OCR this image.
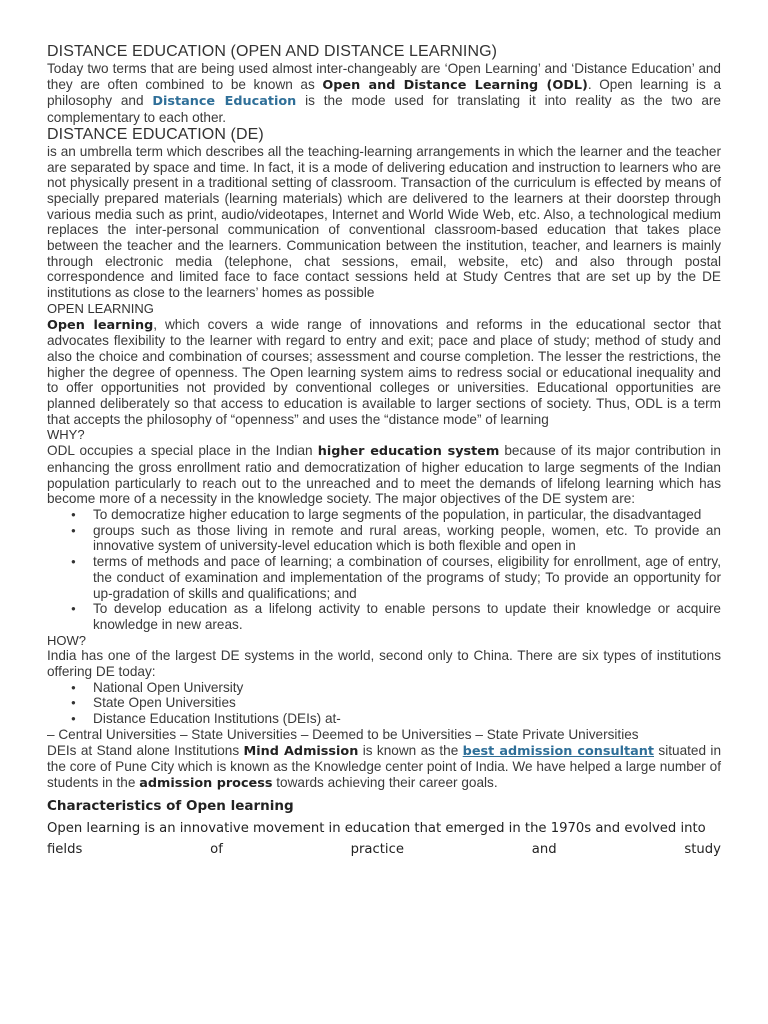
DISTANCE EDUCATION (OPEN AND DISTANCE LEARNING)

Today two terms that are being used almost inter-changeably are ‘Open Learning’ and ‘Distance Education’ and they are often combined to be known as Open and Distance Learning (ODL). Open learning is a philosophy and Distance Education is the mode used for translating it into reality as the two are complementary to each other.

DISTANCE EDUCATION (DE)

is an umbrella term which describes all the teaching-learning arrangements in which the learner and the teacher are separated by space and time. In fact, it is a mode of delivering education and instruction to learners who are not physically present in a traditional setting of classroom. Transaction of the curriculum is effected by means of specially prepared materials (learning materials) which are delivered to the learners at their doorstep through various media such as print, audio/videotapes, Internet and World Wide Web, etc. Also, a technological medium replaces the inter-personal communication of conventional classroom-based education that takes place between the teacher and the learners. Communication between the institution, teacher, and learners is mainly through electronic media (telephone, chat sessions, email, website, etc) and also through postal correspondence and limited face to face contact sessions held at Study Centres that are set up by the DE institutions as close to the learners’ homes as possible

OPEN LEARNING

Open learning, which covers a wide range of innovations and reforms in the educational sector that advocates flexibility to the learner with regard to entry and exit; pace and place of study; method of study and also the choice and combination of courses; assessment and course completion. The lesser the restrictions, the higher the degree of openness. The Open learning system aims to redress social or educational inequality and to offer opportunities not provided by conventional colleges or universities. Educational opportunities are planned deliberately so that access to education is available to larger sections of society. Thus, ODL is a term that accepts the philosophy of “openness” and uses the “distance mode” of learning

WHY?

ODL occupies a special place in the Indian higher education system because of its major contribution in enhancing the gross enrollment ratio and democratization of higher education to large segments of the Indian population particularly to reach out to the unreached and to meet the demands of lifelong learning which has become more of a necessity in the knowledge society. The major objectives of the DE system are:

● To democratize higher education to large segments of the population, in particular, the disadvantaged
● groups such as those living in remote and rural areas, working people, women, etc. To provide an innovative system of university-level education which is both flexible and open in
● terms of methods and pace of learning; a combination of courses, eligibility for enrollment, age of entry, the conduct of examination and implementation of the programs of study; To provide an opportunity for up-gradation of skills and qualifications; and
● To develop education as a lifelong activity to enable persons to update their knowledge or acquire knowledge in new areas.

HOW?

India has one of the largest DE systems in the world, second only to China. There are six types of institutions offering DE today:

● National Open University
● State Open Universities
● Distance Education Institutions (DEIs) at-

– Central Universities – State Universities – Deemed to be Universities – State Private Universities

DEIs at Stand alone Institutions Mind Admission is known as the best admission consultant situated in the core of Pune City which is known as the Knowledge center point of India. We have helped a large number of students in the admission process towards achieving their career goals.

Characteristics of Open learning

Open learning is an innovative movement in education that emerged in the 1970s and evolved into

fields	of	practice	and	study
